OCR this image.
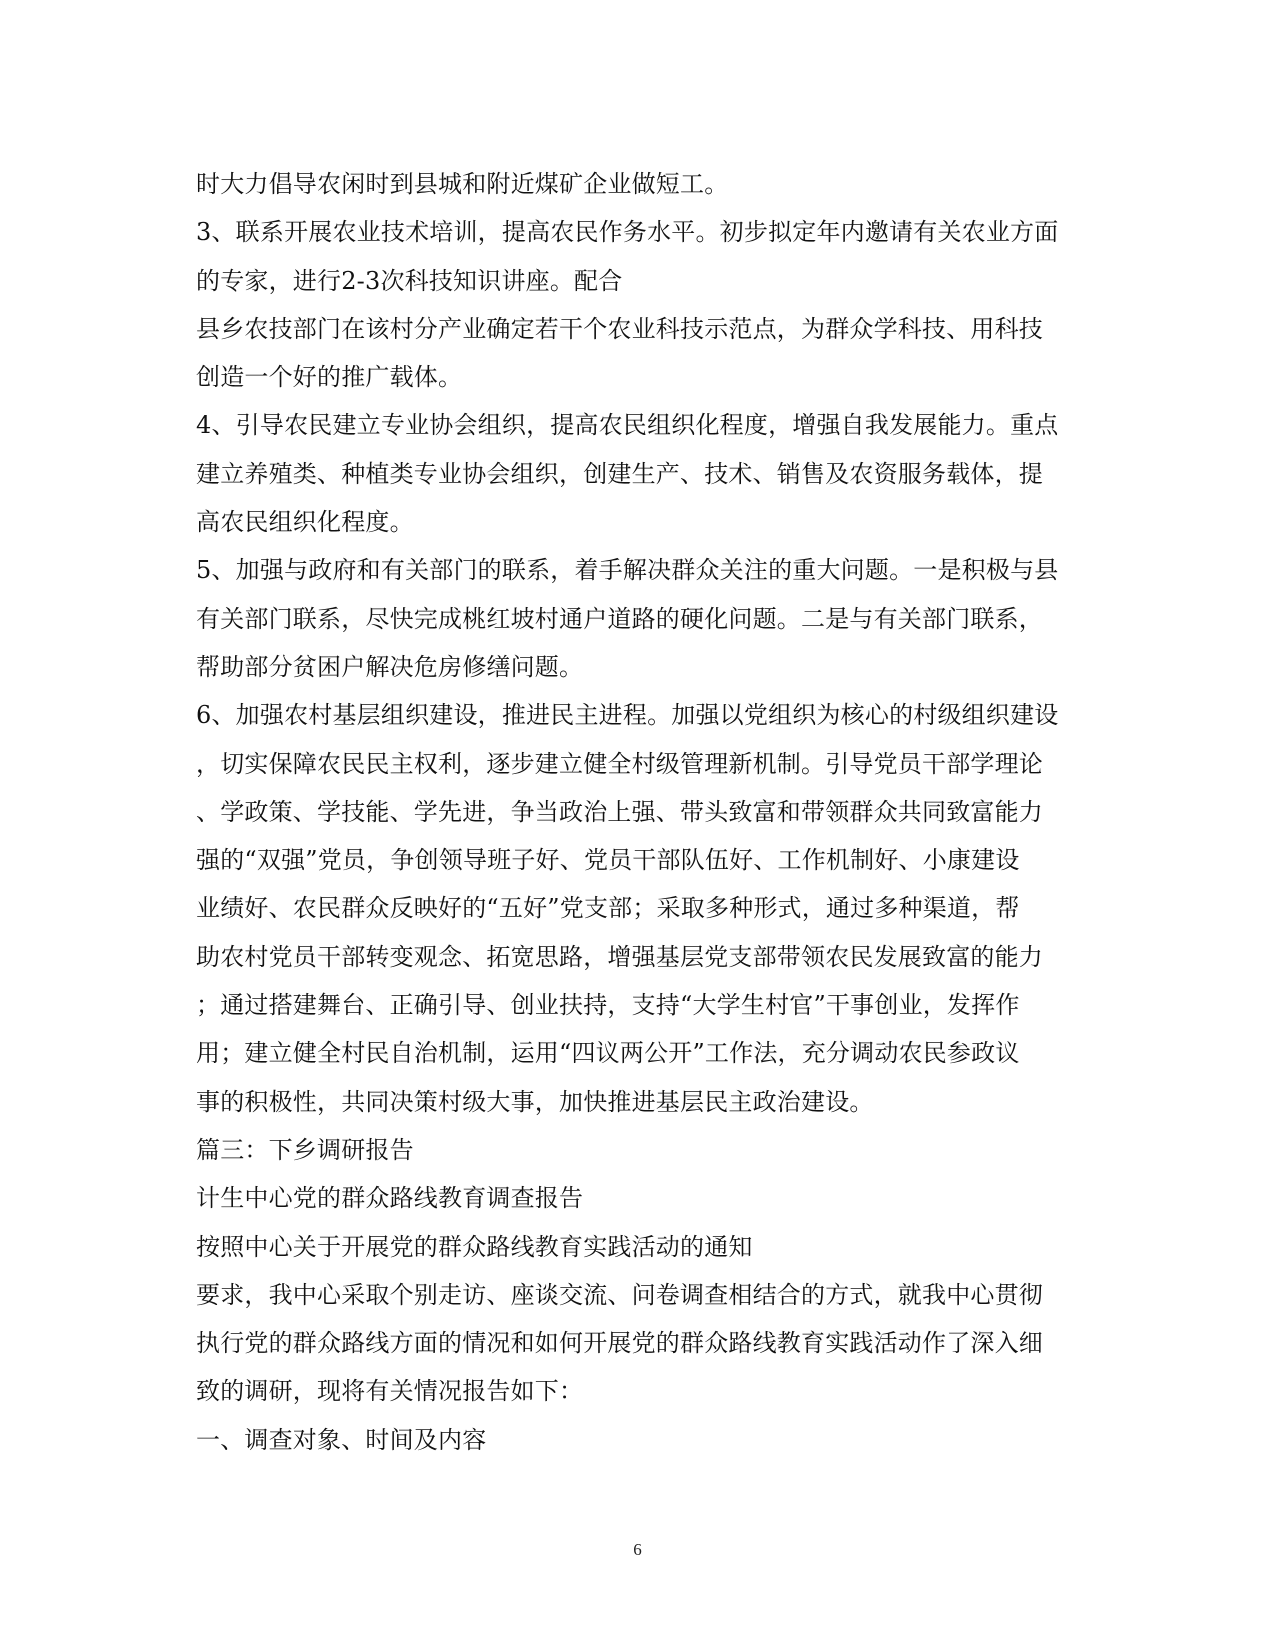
时大力倡导农闲时到县城和附近煤矿企业做短工。
3、联系开展农业技术培训，提高农民作务水平。初步拟定年内邀请有关农业方面
的专家，进行2-3次科技知识讲座。配合
县乡农技部门在该村分产业确定若干个农业科技示范点，为群众学科技、用科技
创造一个好的推广载体。
4、引导农民建立专业协会组织，提高农民组织化程度，增强自我发展能力。重点
建立养殖类、种植类专业协会组织，创建生产、技术、销售及农资服务载体，提
高农民组织化程度。
5、加强与政府和有关部门的联系，着手解决群众关注的重大问题。一是积极与县
有关部门联系，尽快完成桃红坡村通户道路的硬化问题。二是与有关部门联系，
帮助部分贫困户解决危房修缮问题。
6、加强农村基层组织建设，推进民主进程。加强以党组织为核心的村级组织建设
，切实保障农民民主权利，逐步建立健全村级管理新机制。引导党员干部学理论
、学政策、学技能、学先进，争当政治上强、带头致富和带领群众共同致富能力
强的“双强”党员，争创领导班子好、党员干部队伍好、工作机制好、小康建设
业绩好、农民群众反映好的“五好”党支部；采取多种形式，通过多种渠道，帮
助农村党员干部转变观念、拓宽思路，增强基层党支部带领农民发展致富的能力
；通过搭建舞台、正确引导、创业扶持，支持“大学生村官”干事创业，发挥作
用；建立健全村民自治机制，运用“四议两公开”工作法，充分调动农民参政议
事的积极性，共同决策村级大事，加快推进基层民主政治建设。
篇三：下乡调研报告
计生中心党的群众路线教育调查报告
按照中心关于开展党的群众路线教育实践活动的通知
要求，我中心采取个别走访、座谈交流、问卷调查相结合的方式，就我中心贯彻
执行党的群众路线方面的情况和如何开展党的群众路线教育实践活动作了深入细
致的调研，现将有关情况报告如下：
一、调查对象、时间及内容
6
